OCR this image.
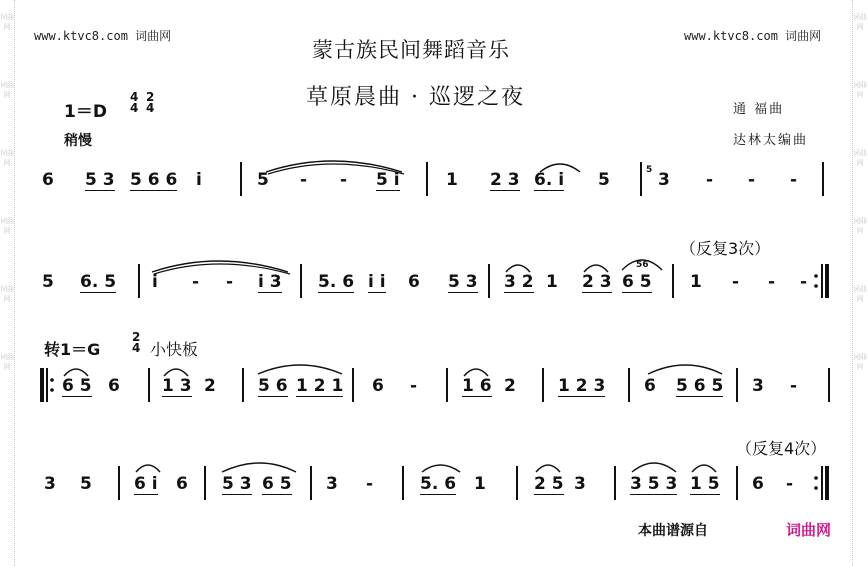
词曲网
词曲网
词曲网
词曲网
词曲网
词曲网
词曲网
词曲网
词曲网
词曲网
词曲网
词曲网
www.ktvc8.com 词曲网	www.ktvc8.com 词曲网
蒙古族民间舞蹈音乐
草原晨曲 · 巡逻之夜
1＝D
4
4
2
4
稍慢
通 福曲
达林太编曲
6 5 3 5 6 6 i	5 - - 5 i	1 2 3 6. i 5	5 3 - - -
（反复3次）
5 6. 5 i - - i 3 5. 6 i i 6 5 3 3 2 1 2 3
56
6 5 1 - - -
转1＝G
2
4 小快板
6 5 6 1 3 2 5 6 1 2 1 6 -	1 6 2 1 2 3 6 5 6 5 3 -
（反复4次）
3 5 6 i 6 5 3 6 5 3 -	5. 6 1	2 5 3	3 5 3 1 5 6 -
本曲谱源自	词曲网
